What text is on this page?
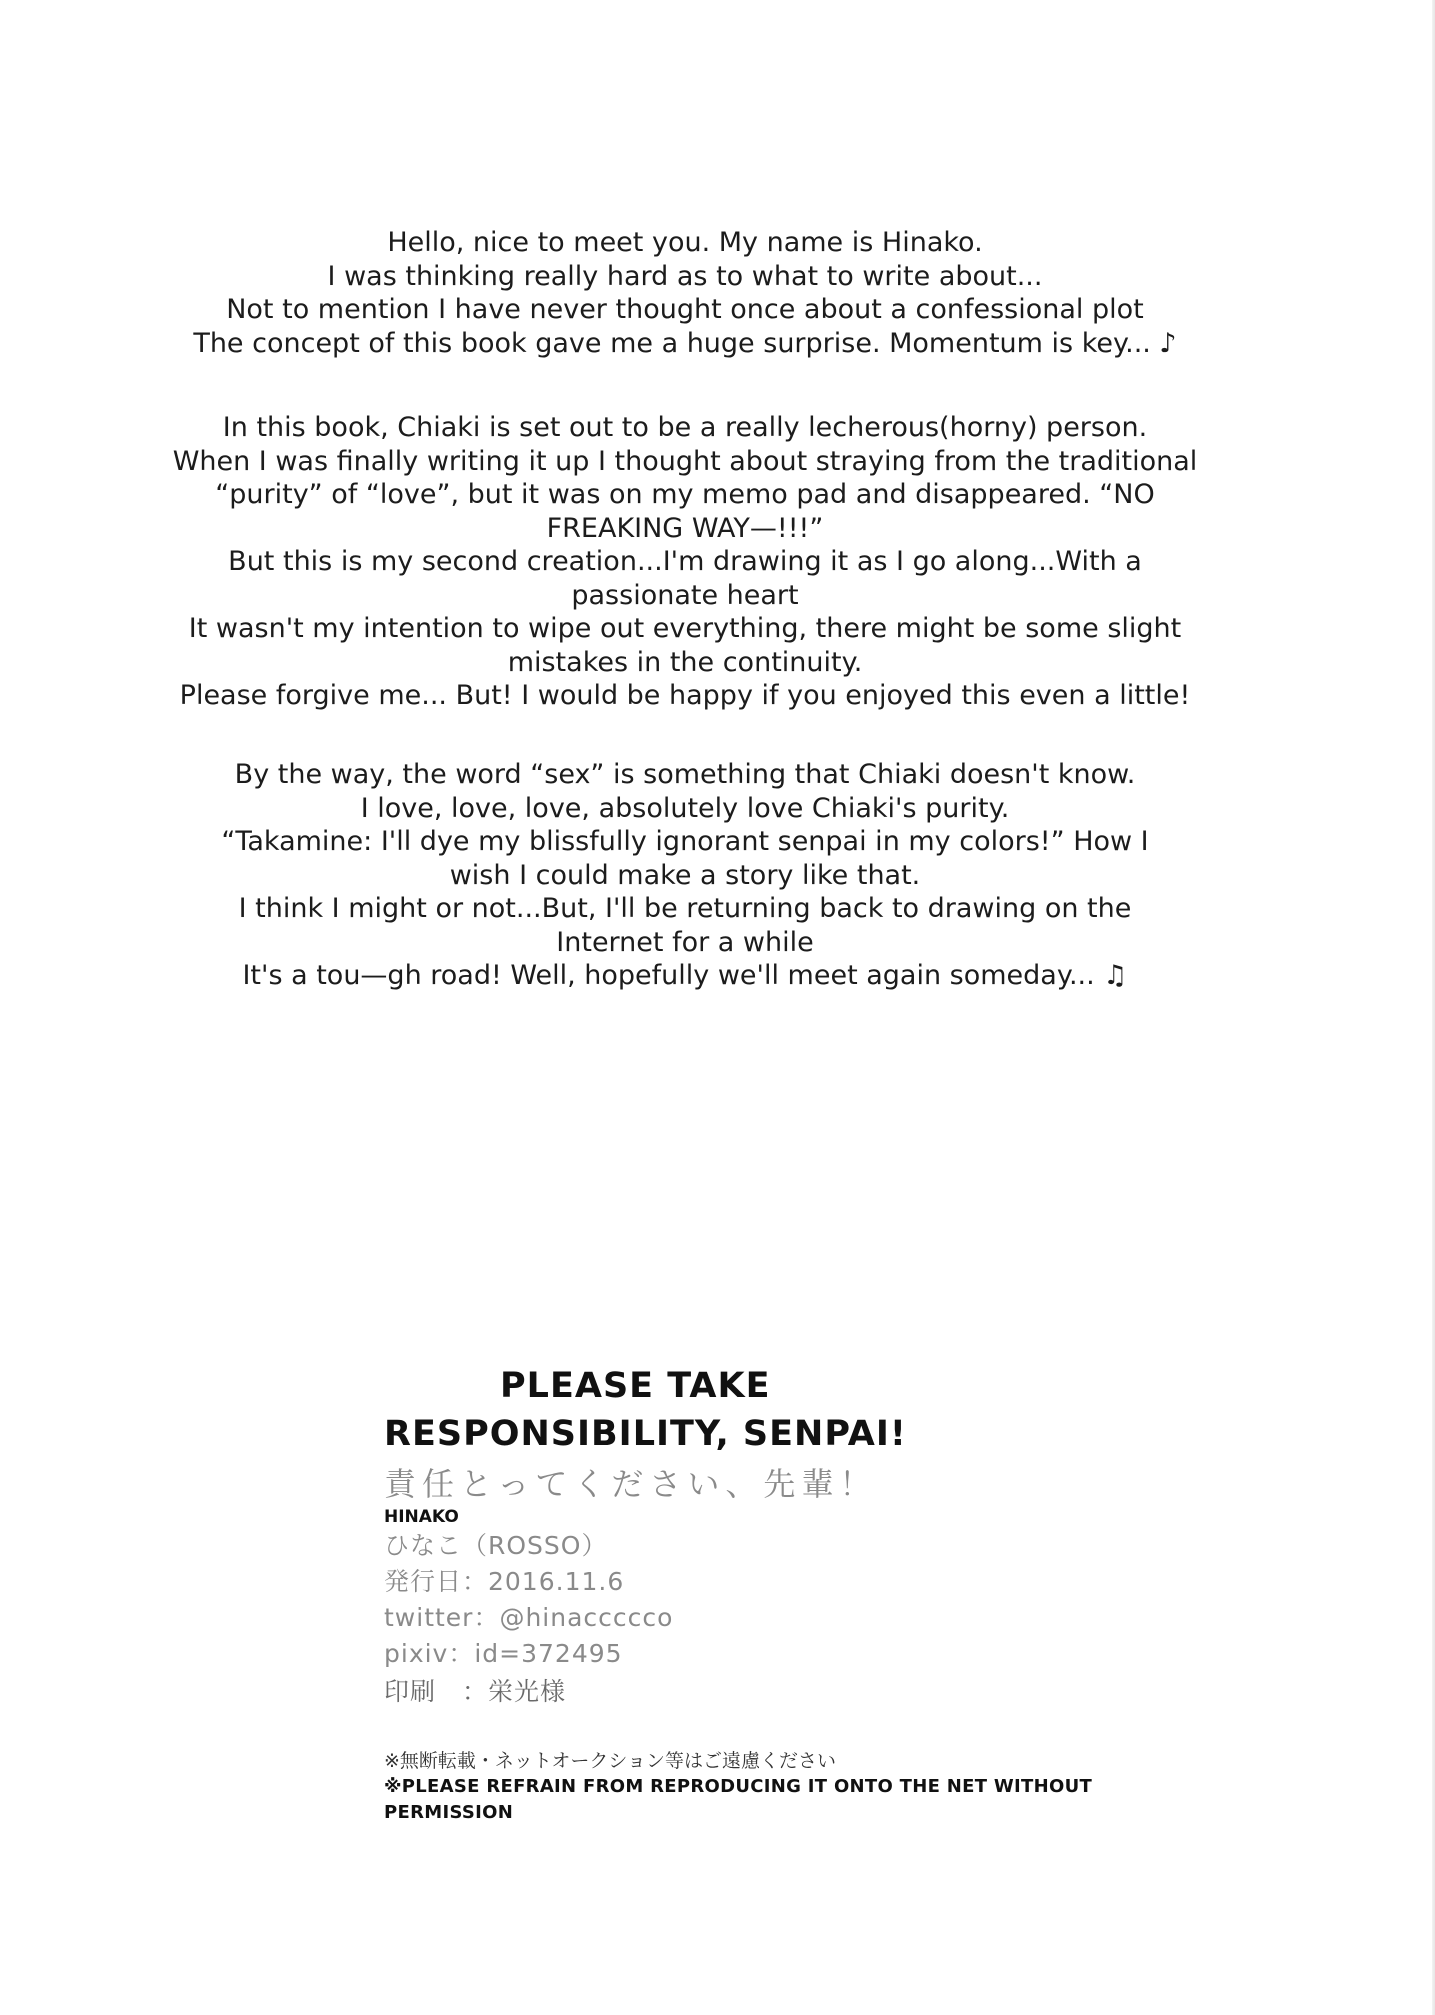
Hello, nice to meet you. My name is Hinako.
I was thinking really hard as to what to write about...
Not to mention I have never thought once about a confessional plot
The concept of this book gave me a huge surprise. Momentum is key... ♪
In this book, Chiaki is set out to be a really lecherous(horny) person.
When I was finally writing it up I thought about straying from the traditional
“purity” of “love”, but it was on my memo pad and disappeared. “NO
FREAKING WAY—!!!”
But this is my second creation...I'm drawing it as I go along...With a
passionate heart
It wasn't my intention to wipe out everything, there might be some slight
mistakes in the continuity.
Please forgive me... But! I would be happy if you enjoyed this even a little!
By the way, the word “sex” is something that Chiaki doesn't know.
I love, love, love, absolutely love Chiaki's purity.
“Takamine: I'll dye my blissfully ignorant senpai in my colors!” How I
wish I could make a story like that.
I think I might or not...But, I'll be returning back to drawing on the
Internet for a while
It's a tou—gh road! Well, hopefully we'll meet again someday... ♫
PLEASE TAKE
RESPONSIBILITY, SENPAI!
責任とってください、先輩！
HINAKO
ひなこ（ROSSO）
発行日：2016.11.6
twitter：@hinaccccco
pixiv：id=372495
印刷　：栄光様
※無断転載・ネットオークション等はご遠慮ください
※PLEASE REFRAIN FROM REPRODUCING IT ONTO THE NET WITHOUT PERMISSION
